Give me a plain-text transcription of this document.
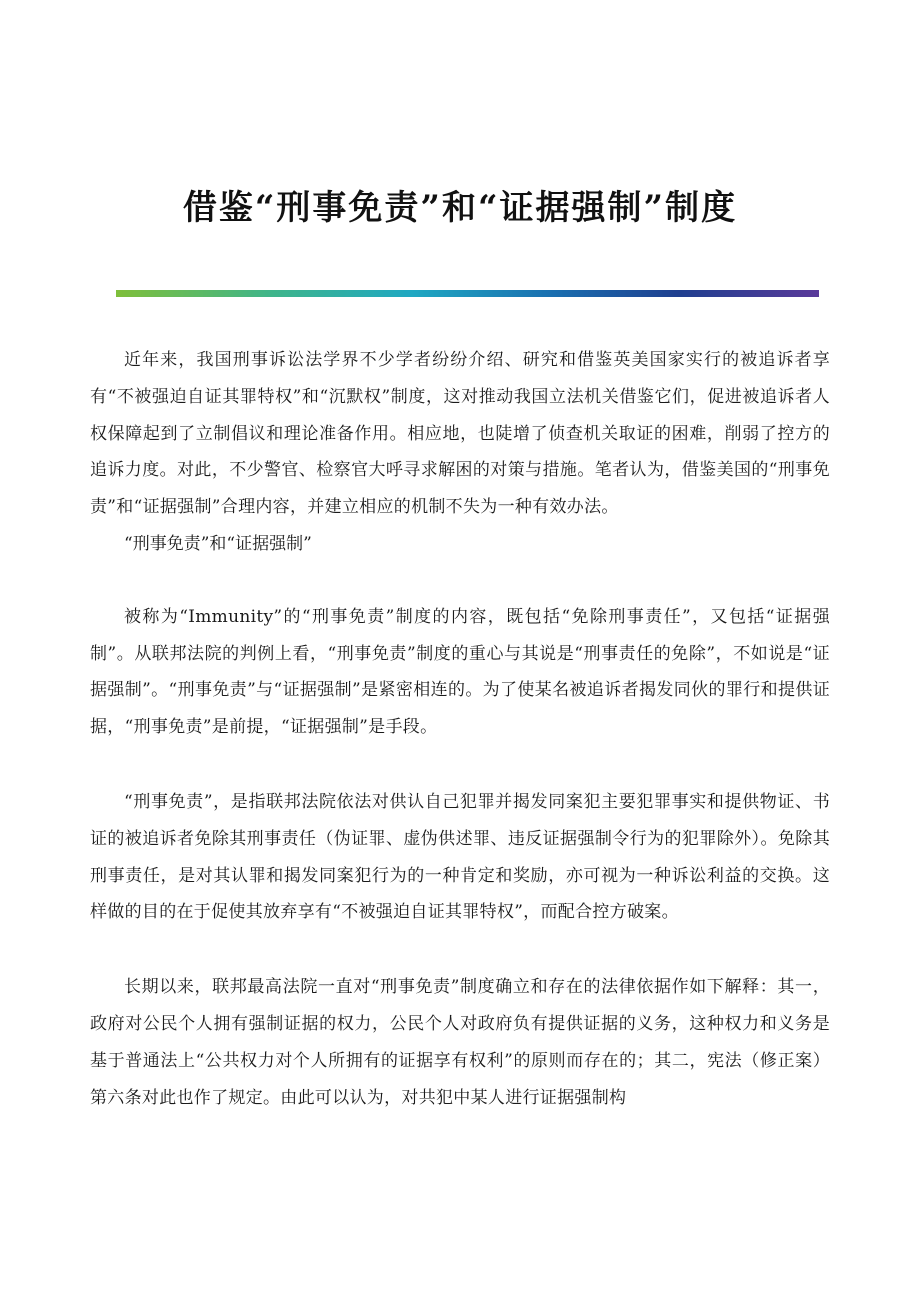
借鉴“刑事免责”和“证据强制”制度

近年来，我国刑事诉讼法学界不少学者纷纷介绍、研究和借鉴英美国家实行的被追诉者享有“不被强迫自证其罪特权”和“沉默权”制度，这对推动我国立法机关借鉴它们，促进被追诉者人权保障起到了立制倡议和理论准备作用。相应地，也陡增了侦查机关取证的困难，削弱了控方的追诉力度。对此，不少警官、检察官大呼寻求解困的对策与措施。笔者认为，借鉴美国的“刑事免责”和“证据强制”合理内容，并建立相应的机制不失为一种有效办法。

“刑事免责”和“证据强制”

被称为“Immunity”的“刑事免责”制度的内容，既包括“免除刑事责任”，又包括“证据强制”。从联邦法院的判例上看，“刑事免责”制度的重心与其说是“刑事责任的免除”，不如说是“证据强制”。“刑事免责”与“证据强制”是紧密相连的。为了使某名被追诉者揭发同伙的罪行和提供证据，“刑事免责”是前提，“证据强制”是手段。

“刑事免责”，是指联邦法院依法对供认自己犯罪并揭发同案犯主要犯罪事实和提供物证、书证的被追诉者免除其刑事责任（伪证罪、虚伪供述罪、违反证据强制令行为的犯罪除外）。免除其刑事责任，是对其认罪和揭发同案犯行为的一种肯定和奖励，亦可视为一种诉讼利益的交换。这样做的目的在于促使其放弃享有“不被强迫自证其罪特权”，而配合控方破案。

长期以来，联邦最高法院一直对“刑事免责”制度确立和存在的法律依据作如下解释：其一，政府对公民个人拥有强制证据的权力，公民个人对政府负有提供证据的义务，这种权力和义务是基于普通法上“公共权力对个人所拥有的证据享有权利”的原则而存在的；其二，宪法（修正案）第六条对此也作了规定。由此可以认为，对共犯中某人进行证据强制构
